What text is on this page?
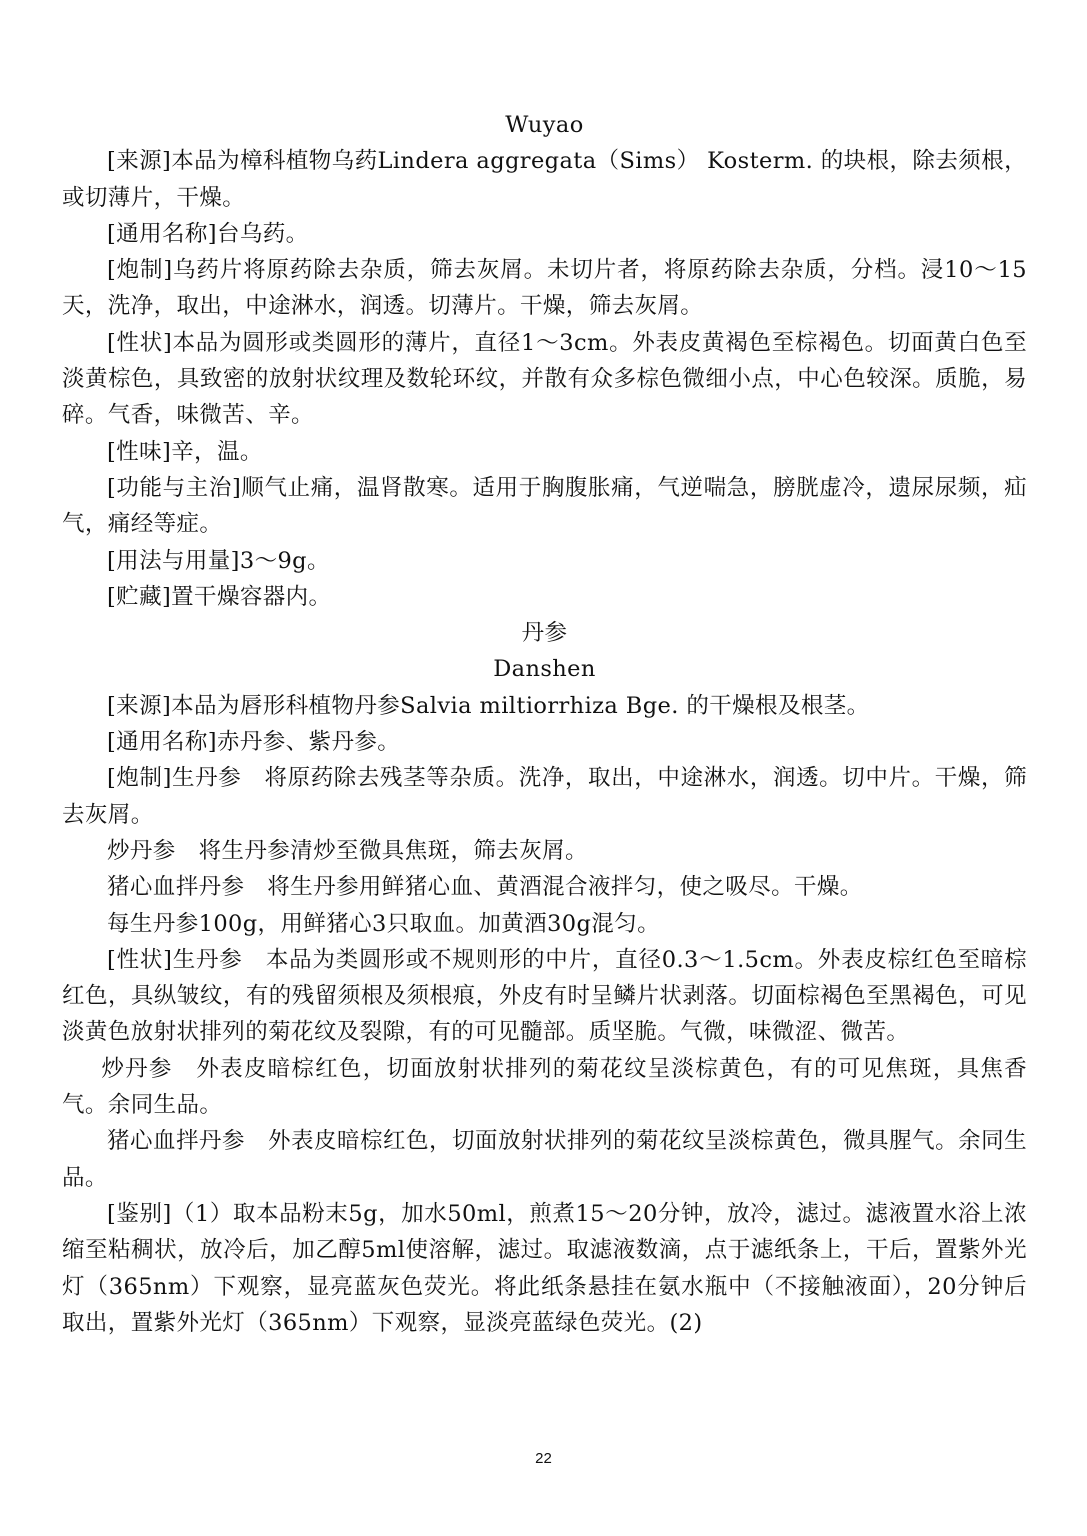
Wuyao

[来源]本品为樟科植物乌药Lindera aggregata（Sims） Kosterm. 的块根，除去须根，或切薄片，干燥。

[通用名称]台乌药。

[炮制]乌药片将原药除去杂质，筛去灰屑。未切片者，将原药除去杂质，分档。浸10～15天，洗净，取出，中途淋水，润透。切薄片。干燥，筛去灰屑。

[性状]本品为圆形或类圆形的薄片，直径1～3cm。外表皮黄褐色至棕褐色。切面黄白色至淡黄棕色，具致密的放射状纹理及数轮环纹，并散有众多棕色微细小点，中心色较深。质脆，易碎。气香，味微苦、辛。

[性味]辛，温。

[功能与主治]顺气止痛，温肾散寒。适用于胸腹胀痛，气逆喘急，膀胱虚冷，遗尿尿频，疝气，痛经等症。

[用法与用量]3～9g。

[贮藏]置干燥容器内。

丹参

Danshen

[来源]本品为唇形科植物丹参Salvia miltiorrhiza Bge. 的干燥根及根茎。

[通用名称]赤丹参、紫丹参。

[炮制]生丹参　将原药除去残茎等杂质。洗净，取出，中途淋水，润透。切中片。干燥，筛去灰屑。

炒丹参　将生丹参清炒至微具焦斑，筛去灰屑。

猪心血拌丹参　将生丹参用鲜猪心血、黄酒混合液拌匀，使之吸尽。干燥。

每生丹参100g，用鲜猪心3只取血。加黄酒30g混匀。

[性状]生丹参　本品为类圆形或不规则形的中片，直径0.3～1.5cm。外表皮棕红色至暗棕红色，具纵皱纹，有的残留须根及须根痕，外皮有时呈鳞片状剥落。切面棕褐色至黑褐色，可见淡黄色放射状排列的菊花纹及裂隙，有的可见髓部。质坚脆。气微，味微涩、微苦。

炒丹参　外表皮暗棕红色，切面放射状排列的菊花纹呈淡棕黄色，有的可见焦斑，具焦香气。余同生品。

猪心血拌丹参　外表皮暗棕红色，切面放射状排列的菊花纹呈淡棕黄色，微具腥气。余同生品。

[鉴别]（1）取本品粉末5g，加水50ml，煎煮15～20分钟，放冷，滤过。滤液置水浴上浓缩至粘稠状，放冷后，加乙醇5ml使溶解，滤过。取滤液数滴，点于滤纸条上，干后，置紫外光灯（365nm）下观察，显亮蓝灰色荧光。将此纸条悬挂在氨水瓶中（不接触液面），20分钟后取出，置紫外光灯（365nm）下观察，显淡亮蓝绿色荧光。(2)

22
